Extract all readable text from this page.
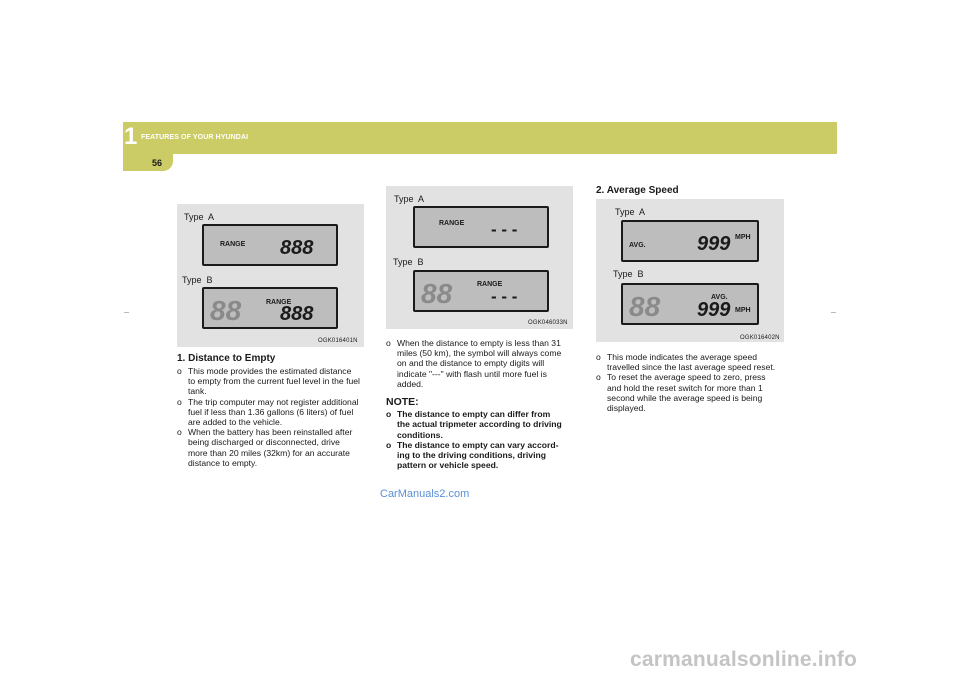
1 FEATURES OF YOUR HYUNDAI
56
Type  A
RANGE 888
Type  B
88	RANGE
888
OGK016401N
Type  A
RANGE - - -
Type  B
88	RANGE
- - -
OGK046033N
2. Average Speed
Type  A
AVG.	999 MPH
Type  B
88	AVG.
999 MPH
OGK016402N
1. Distance to Empty
o This mode provides the estimated distance
to empty from the current fuel level in the fuel
tank.
o The trip computer may not register additional
fuel if less than 1.36 gallons (6 liters) of fuel
are added to the vehicle.
o When the battery has been reinstalled after
being discharged or disconnected, drive
more than 20 miles (32km) for an accurate
distance to empty.
o When the distance to empty is less than 31
miles (50 km), the symbol will always come
on and the distance to empty digits will
indicate "---" with flash until more fuel is
added.
NOTE:
o The distance to empty can differ from
the actual tripmeter according to driving
conditions.
o The distance to empty can vary accord-
ing to the driving conditions, driving
pattern or vehicle speed.
o This mode indicates the average speed
travelled since the last average speed reset.
o To reset the average speed to zero, press
and hold the reset switch for more than 1
second while the average speed is being
displayed.
CarManuals2.com
carmanualsonline.info
